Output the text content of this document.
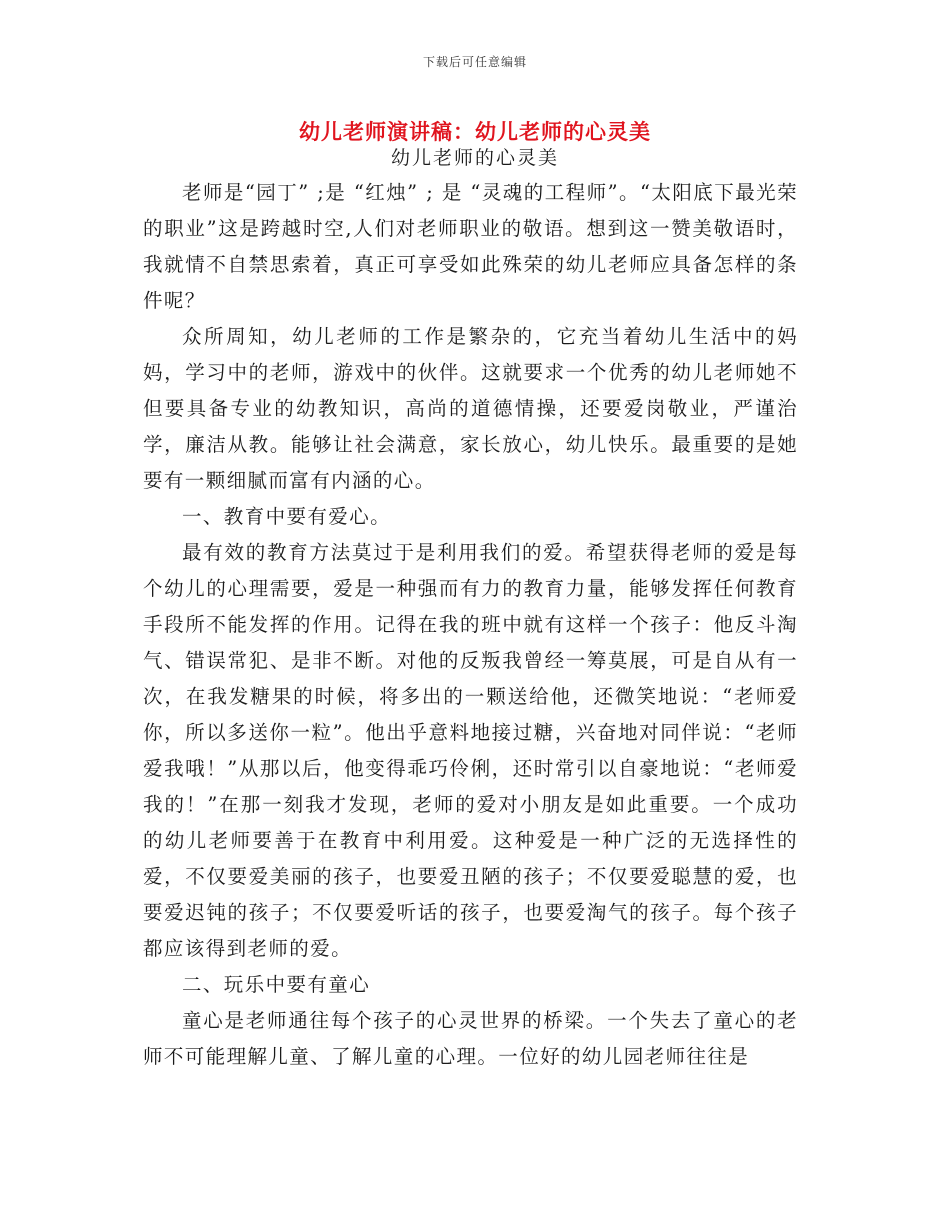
下载后可任意编辑
幼儿老师演讲稿：幼儿老师的心灵美
幼儿老师的心灵美

老师是“园丁” ;是 “红烛” ; 是 “灵魂的工程师”。“太阳底下最光荣的职业”这是跨越时空,人们对老师职业的敬语。想到这一赞美敬语时，我就情不自禁思索着，真正可享受如此殊荣的幼儿老师应具备怎样的条件呢？

众所周知，幼儿老师的工作是繁杂的，它充当着幼儿生活中的妈妈，学习中的老师，游戏中的伙伴。这就要求一个优秀的幼儿老师她不但要具备专业的幼教知识，高尚的道德情操，还要爱岗敬业，严谨治学，廉洁从教。能够让社会满意，家长放心，幼儿快乐。最重要的是她要有一颗细腻而富有内涵的心。

一、教育中要有爱心。

最有效的教育方法莫过于是利用我们的爱。希望获得老师的爱是每个幼儿的心理需要，爱是一种强而有力的教育力量，能够发挥任何教育手段所不能发挥的作用。记得在我的班中就有这样一个孩子：他反斗淘气、错误常犯、是非不断。对他的反叛我曾经一筹莫展，可是自从有一次，在我发糖果的时候，将多出的一颗送给他，还微笑地说：“老师爱你，所以多送你一粒”。他出乎意料地接过糖，兴奋地对同伴说：“老师爱我哦！”从那以后，他变得乖巧伶俐，还时常引以自豪地说：“老师爱我的！”在那一刻我才发现，老师的爱对小朋友是如此重要。一个成功的幼儿老师要善于在教育中利用爱。这种爱是一种广泛的无选择性的爱，不仅要爱美丽的孩子，也要爱丑陋的孩子；不仅要爱聪慧的爱，也要爱迟钝的孩子；不仅要爱听话的孩子，也要爱淘气的孩子。每个孩子都应该得到老师的爱。

二、玩乐中要有童心

童心是老师通往每个孩子的心灵世界的桥梁。一个失去了童心的老师不可能理解儿童、了解儿童的心理。一位好的幼儿园老师往往是
